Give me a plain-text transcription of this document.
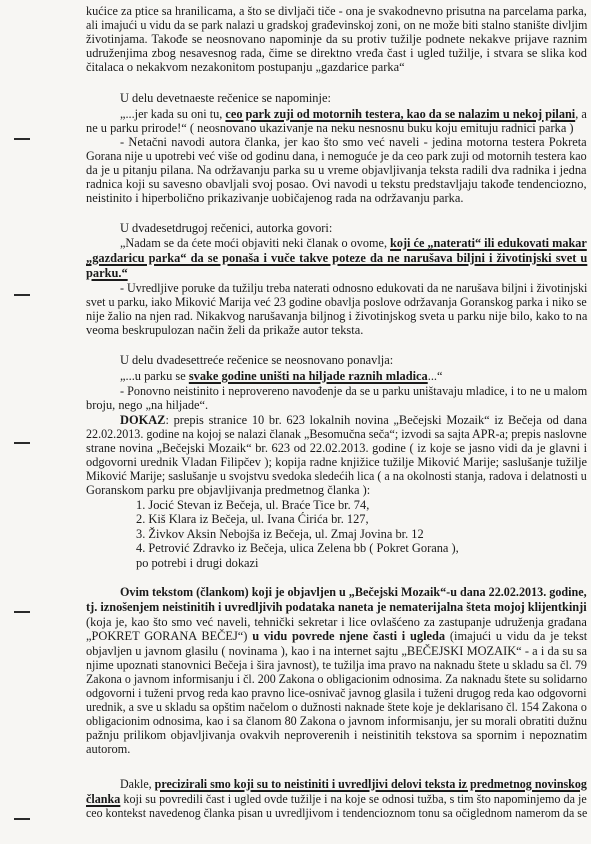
kućice za ptice sa hranilicama, a što se divljači tiče - ona je svakodnevno prisutna na parcelama parka,
ali imajući u vidu da se park nalazi u gradskoj građevinskoj zoni, on ne može biti stalno stanište divljim
životinjama. Takođe se neosnovano napominje da su protiv tužilje podnete nekakve prijave raznim
udruženjima zbog nesavesnog rada, čime se direktno vređa čast i ugled tužilje, i stvara se slika kod
čitalaca o nekakvom nezakonitom postupanju „gazdarice parka“
U delu devetnaeste rečenice se napominje:
„...jer kada su oni tu, ceo park zuji od motornih testera, kao da se nalazim u nekoj pilani, a
ne u parku prirode!“ ( neosnovano ukazivanje na neku nesnosnu buku koju emituju radnici parka )
- Netačni navodi autora članka, jer kao što smo već naveli - jedina motorna testera Pokreta
Gorana nije u upotrebi već više od godinu dana, i nemoguće je da ceo park zuji od motornih testera kao
da je u pitanju pilana. Na održavanju parka su u vreme objavljivanja teksta radili dva radnika i jedna
radnica koji su savesno obavljali svoj posao. Ovi navodi u tekstu predstavljaju takođe tendenciozno,
neistinito i hiperbolično prikazivanje uobičajenog rada na održavanju parka.
U dvadesetdrugoj rečenici, autorka govori:
„Nadam se da ćete moći objaviti neki članak o ovome, koji će „naterati“ ili edukovati makar
„gazdaricu parka“ da se ponaša i vuče takve poteze da ne narušava biljni i životinjski svet u
parku.“
- Uvredljive poruke da tužilju treba naterati odnosno edukovati da ne narušava biljni i životinjski
svet u parku, iako Miković Marija već 23 godine obavlja poslove održavanja Goranskog parka i niko se
nije žalio na njen rad. Nikakvog narušavanja biljnog i životinjskog sveta u parku nije bilo, kako to na
veoma beskrupulozan način želi da prikaže autor teksta.
U delu dvadesettreće rečenice se neosnovano ponavlja:
„...u parku se svake godine uništi na hiljade raznih mladica...“
- Ponovno neistinito i neprovereno navođenje da se u parku uništavaju mladice, i to ne u malom
broju, nego „na hiljade“.
DOKAZ: prepis stranice 10 br. 623 lokalnih novina „Bečejski Mozaik“ iz Bečeja od dana
22.02.2013. godine na kojoj se nalazi članak „Besomučna seča“; izvodi sa sajta APR-a; prepis naslovne
strane novina „Bečejski Mozaik“ br. 623 od 22.02.2013. godine ( iz koje se jasno vidi da je glavni i
odgovorni urednik Vladan Filipčev ); kopija radne knjižice tužilje Miković Marije; saslušanje tužilje
Miković Marije; saslušanje u svojstvu svedoka sledećih lica ( a na okolnosti stanja, radova i delatnosti u
Goranskom parku pre objavljivanja predmetnog članka ):
1. Jocić Stevan iz Bečeja, ul. Braće Tice br. 74,
2. Kiš Klara iz Bečeja, ul. Ivana Ćirića br. 127,
3. Živkov Aksin Nebojša iz Bečeja, ul. Zmaj Jovina br. 12
4. Petrović Zdravko iz Bečeja, ulica Zelena bb ( Pokret Gorana ),
po potrebi i drugi dokazi
Ovim tekstom (člankom) koji je objavljen u „Bečejski Mozaik“-u dana 22.02.2013. godine,
tj. iznošenjem neistinitih i uvredljivih podataka naneta je nematerijalna šteta mojoj klijentkinji
(koja je, kao što smo već naveli, tehnički sekretar i lice ovlašćeno za zastupanje udruženja građana
„POKRET GORANA BEČEJ“) u vidu povrede njene časti i ugleda (imajući u vidu da je tekst
objavljen u javnom glasilu ( novinama ), kao i na internet sajtu „BEČEJSKI MOZAIK“ - a i da su sa
njime upoznati stanovnici Bečeja i šira javnost), te tužilja ima pravo na naknadu štete u skladu sa čl. 79
Zakona o javnom informisanju i čl. 200 Zakona o obligacionim odnosima. Za naknadu štete su solidarno
odgovorni i tuženi prvog reda kao pravno lice-osnivač javnog glasila i tuženi drugog reda kao odgovorni
urednik, a sve u skladu sa opštim načelom o dužnosti naknade štete koje je deklarisano čl. 154 Zakona o
obligacionim odnosima, kao i sa članom 80 Zakona o javnom informisanju, jer su morali obratiti dužnu
pažnju prilikom objavljivanja ovakvih neproverenih i neistinitih tekstova sa spornim i nepoznatim
autorom.
Dakle, precizirali smo koji su to neistiniti i uvredljivi delovi teksta iz predmetnog novinskog
članka koji su povredili čast i ugled ovde tužilje i na koje se odnosi tužba, s tim što napominjemo da je
ceo kontekst navedenog članka pisan u uvredljivom i tendencioznom tonu sa očiglednom namerom da se
